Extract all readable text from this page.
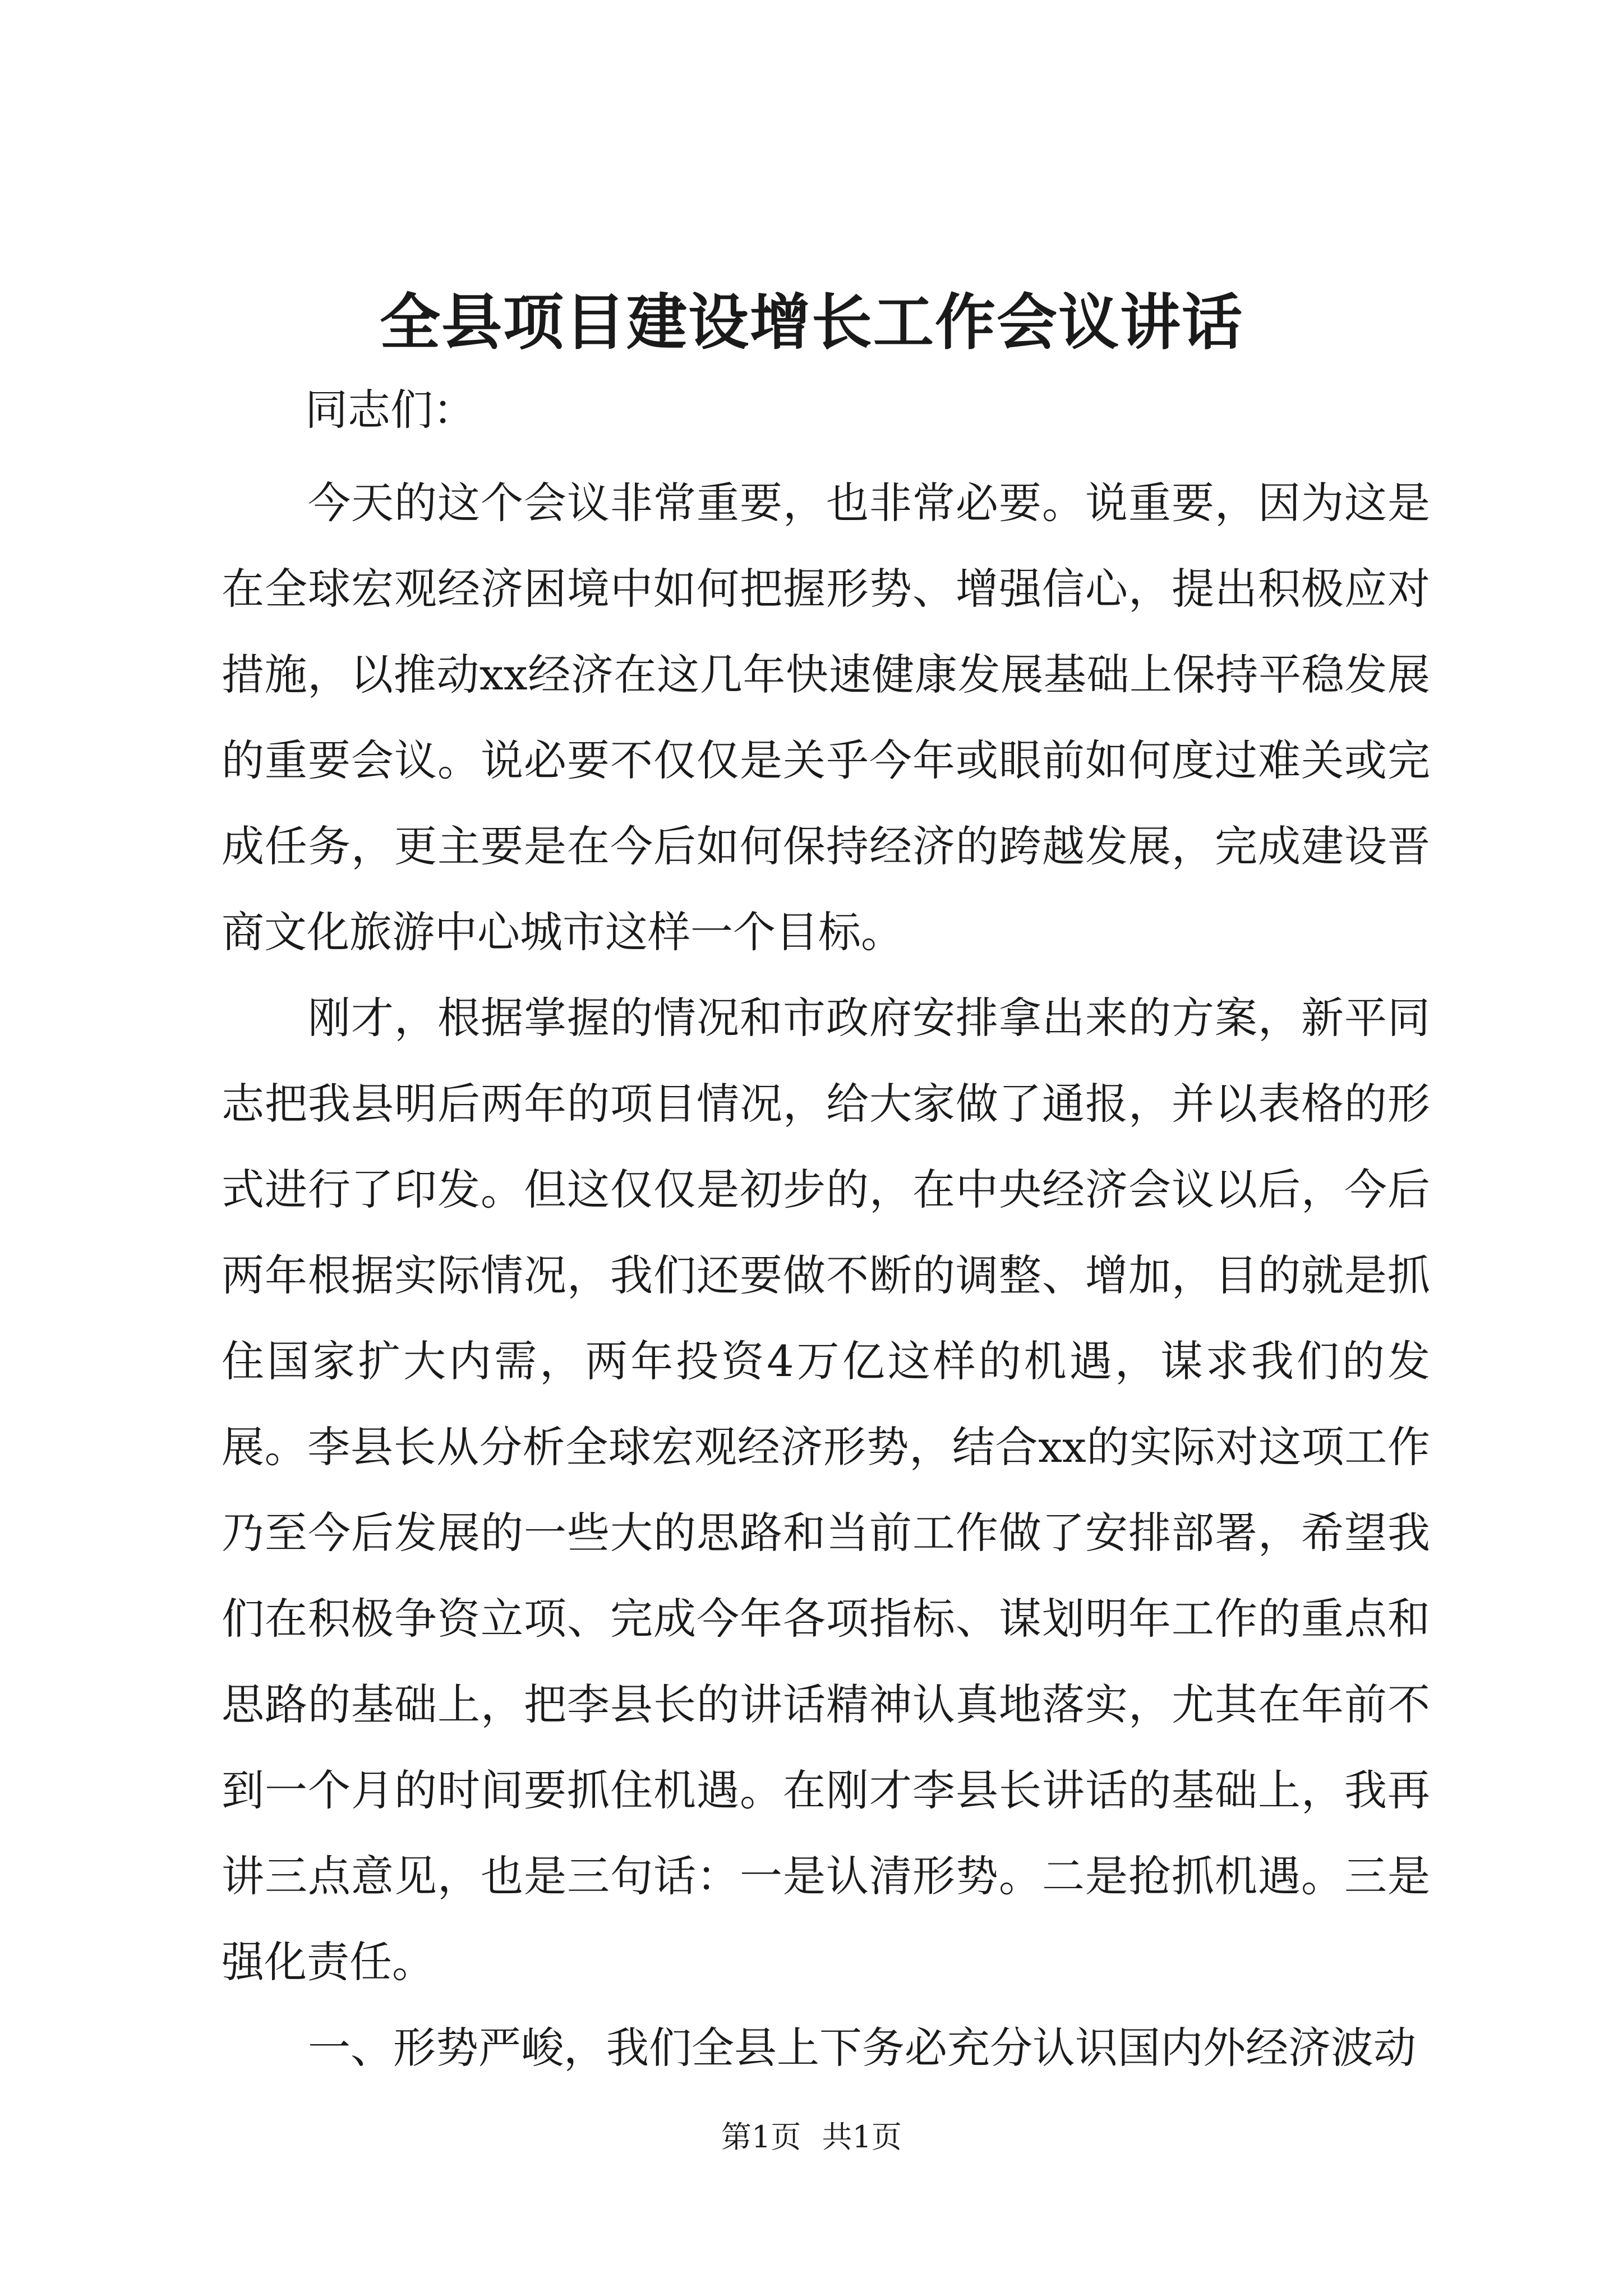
全县项目建设增长工作会议讲话

同志们：

今天的这个会议非常重要，也非常必要。说重要，因为这是在全球宏观经济困境中如何把握形势、增强信心，提出积极应对措施，以推动xx经济在这几年快速健康发展基础上保持平稳发展的重要会议。说必要不仅仅是关乎今年或眼前如何度过难关或完成任务，更主要是在今后如何保持经济的跨越发展，完成建设晋商文化旅游中心城市这样一个目标。

刚才，根据掌握的情况和市政府安排拿出来的方案，新平同志把我县明后两年的项目情况，给大家做了通报，并以表格的形式进行了印发。但这仅仅是初步的，在中央经济会议以后，今后两年根据实际情况，我们还要做不断的调整、增加，目的就是抓住国家扩大内需，两年投资4万亿这样的机遇，谋求我们的发展。李县长从分析全球宏观经济形势，结合xx的实际对这项工作乃至今后发展的一些大的思路和当前工作做了安排部署，希望我们在积极争资立项、完成今年各项指标、谋划明年工作的重点和思路的基础上，把李县长的讲话精神认真地落实，尤其在年前不到一个月的时间要抓住机遇。在刚才李县长讲话的基础上，我再讲三点意见，也是三句话：一是认清形势。二是抢抓机遇。三是强化责任。

一、形势严峻，我们全县上下务必充分认识国内外经济波动

第1页 共1页
